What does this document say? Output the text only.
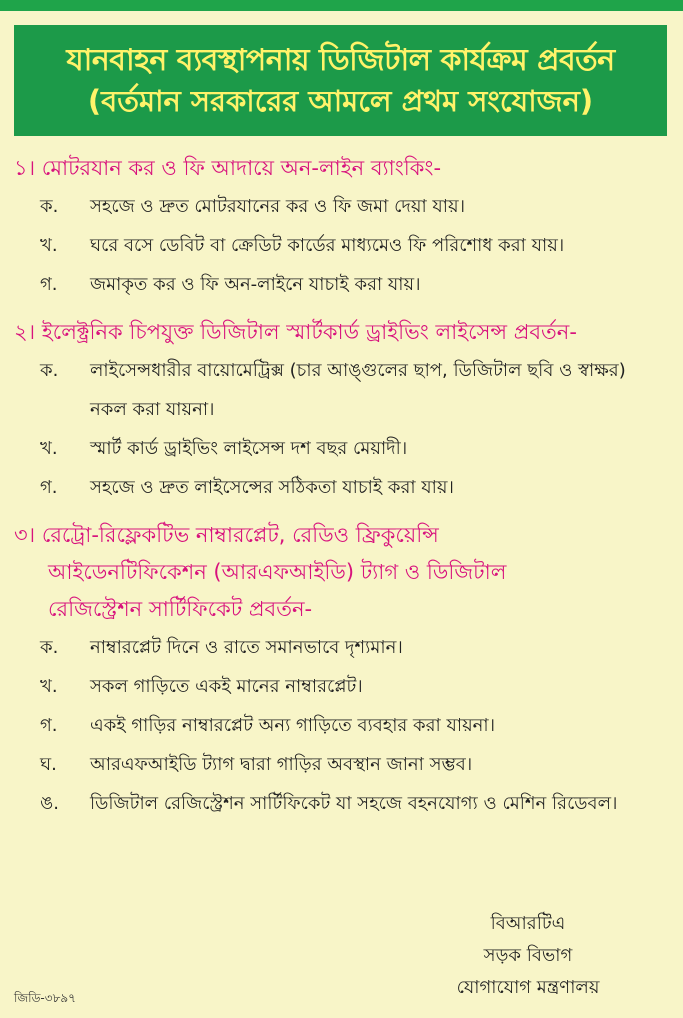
যানবাহন ব্যবস্থাপনায় ডিজিটাল কার্যক্রম প্রবর্তন
(বর্তমান সরকারের আমলে প্রথম সংযোজন)
১। মোটরযান কর ও ফি আদায়ে অন-লাইন ব্যাংকিং-
ক.	সহজে ও দ্রুত মোটরযানের কর ও ফি জমা দেয়া যায়।
খ.	ঘরে বসে ডেবিট বা ক্রেডিট কার্ডের মাধ্যমেও ফি পরিশোধ করা যায়।
গ.	জমাকৃত কর ও ফি অন-লাইনে যাচাই করা যায়।
২। ইলেক্ট্রনিক চিপযুক্ত ডিজিটাল স্মার্টকার্ড ড্রাইভিং লাইসেন্স প্রবর্তন-
ক.	লাইসেন্সধারীর বায়োমেট্রিক্স (চার আঙ্গুলের ছাপ, ডিজিটাল ছবি ও স্বাক্ষর) নকল করা যায়না।
খ.	স্মার্ট কার্ড ড্রাইভিং লাইসেন্স দশ বছর মেয়াদী।
গ.	সহজে ও দ্রুত লাইসেন্সের সঠিকতা যাচাই করা যায়।
৩। রেট্রো-রিফ্লেকটিভ নাম্বারপ্লেট, রেডিও ফ্রিকুয়েন্সি
আইডেনটিফিকেশন (আরএফআইডি) ট্যাগ ও ডিজিটাল
রেজিস্ট্রেশন সার্টিফিকেট প্রবর্তন-
ক.	নাম্বারপ্লেট দিনে ও রাতে সমানভাবে দৃশ্যমান।
খ.	সকল গাড়িতে একই মানের নাম্বারপ্লেট।
গ.	একই গাড়ির নাম্বারপ্লেট অন্য গাড়িতে ব্যবহার করা যায়না।
ঘ.	আরএফআইডি ট্যাগ দ্বারা গাড়ির অবস্থান জানা সম্ভব।
ঙ.	ডিজিটাল রেজিস্ট্রেশন সার্টিফিকেট যা সহজে বহনযোগ্য ও মেশিন রিডেবল।
বিআরটিএ
সড়ক বিভাগ
যোগাযোগ মন্ত্রণালয়
জিডি-৩৮৯৭
